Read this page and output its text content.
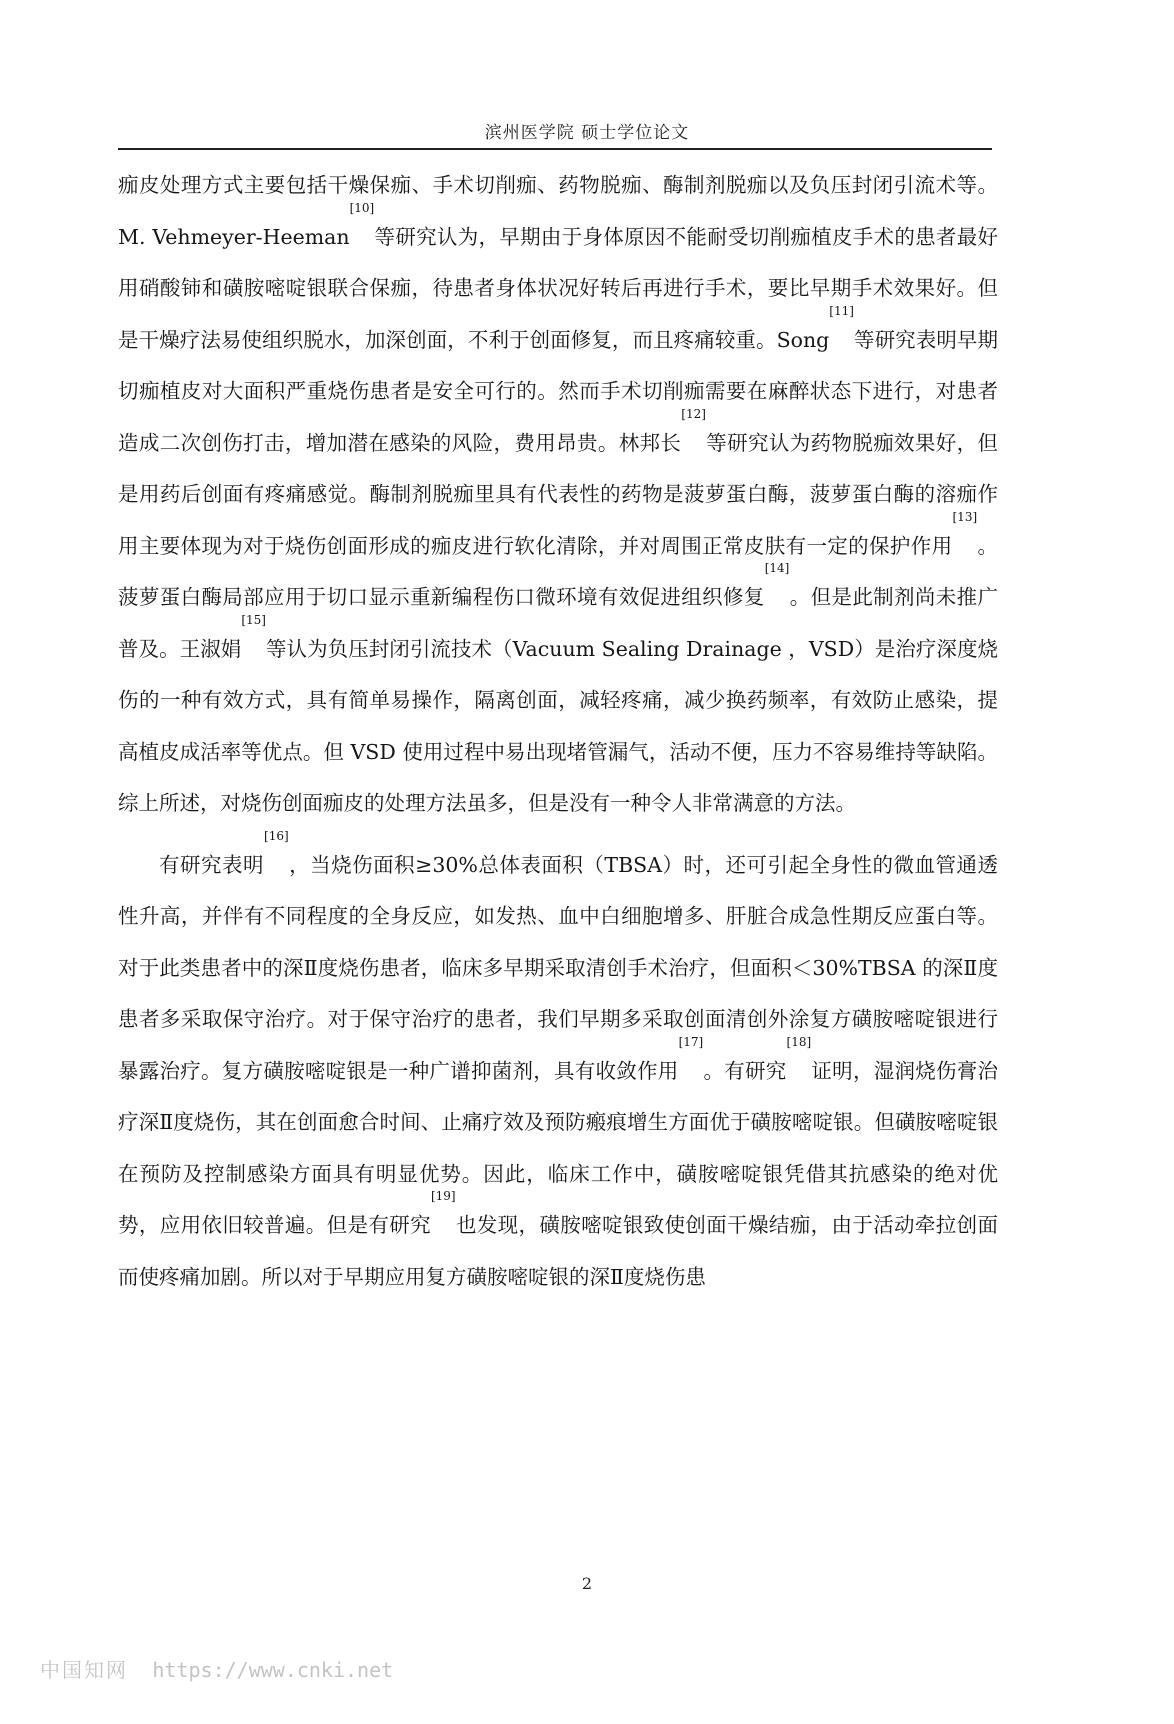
滨州医学院 硕士学位论文

痂皮处理方式主要包括干燥保痂、手术切削痂、药物脱痂、酶制剂脱痂以及负压封闭引流术等。M. Vehmeyer-Heeman[10]等研究认为，早期由于身体原因不能耐受切削痂植皮手术的患者最好用硝酸铈和磺胺嘧啶银联合保痂，待患者身体状况好转后再进行手术，要比早期手术效果好。但是干燥疗法易使组织脱水，加深创面，不利于创面修复，而且疼痛较重。Song[11]等研究表明早期切痂植皮对大面积严重烧伤患者是安全可行的。然而手术切削痂需要在麻醉状态下进行，对患者造成二次创伤打击，增加潜在感染的风险，费用昂贵。林邦长[12]等研究认为药物脱痂效果好，但是用药后创面有疼痛感觉。酶制剂脱痂里具有代表性的药物是菠萝蛋白酶，菠萝蛋白酶的溶痂作用主要体现为对于烧伤创面形成的痂皮进行软化清除，并对周围正常皮肤有一定的保护作用[13]。菠萝蛋白酶局部应用于切口显示重新编程伤口微环境有效促进组织修复[14]。但是此制剂尚未推广普及。王淑娟[15]等认为负压封闭引流技术（Vacuum Sealing Drainage ，VSD）是治疗深度烧伤的一种有效方式，具有简单易操作，隔离创面，减轻疼痛，减少换药频率，有效防止感染，提高植皮成活率等优点。但 VSD 使用过程中易出现堵管漏气，活动不便，压力不容易维持等缺陷。综上所述，对烧伤创面痂皮的处理方法虽多，但是没有一种令人非常满意的方法。

有研究表明[16]，当烧伤面积≥30%总体表面积（TBSA）时，还可引起全身性的微血管通透性升高，并伴有不同程度的全身反应，如发热、血中白细胞增多、肝脏合成急性期反应蛋白等。对于此类患者中的深Ⅱ度烧伤患者，临床多早期采取清创手术治疗，但面积＜30%TBSA 的深Ⅱ度患者多采取保守治疗。对于保守治疗的患者，我们早期多采取创面清创外涂复方磺胺嘧啶银进行暴露治疗。复方磺胺嘧啶银是一种广谱抑菌剂，具有收敛作用[17]。有研究[18]证明，湿润烧伤膏治疗深Ⅱ度烧伤，其在创面愈合时间、止痛疗效及预防瘢痕增生方面优于磺胺嘧啶银。但磺胺嘧啶银在预防及控制感染方面具有明显优势。因此，临床工作中，磺胺嘧啶银凭借其抗感染的绝对优势，应用依旧较普遍。但是有研究[19]也发现，磺胺嘧啶银致使创面干燥结痂，由于活动牵拉创面而使疼痛加剧。所以对于早期应用复方磺胺嘧啶银的深Ⅱ度烧伤患

2
中国知网 https://www.cnki.net
